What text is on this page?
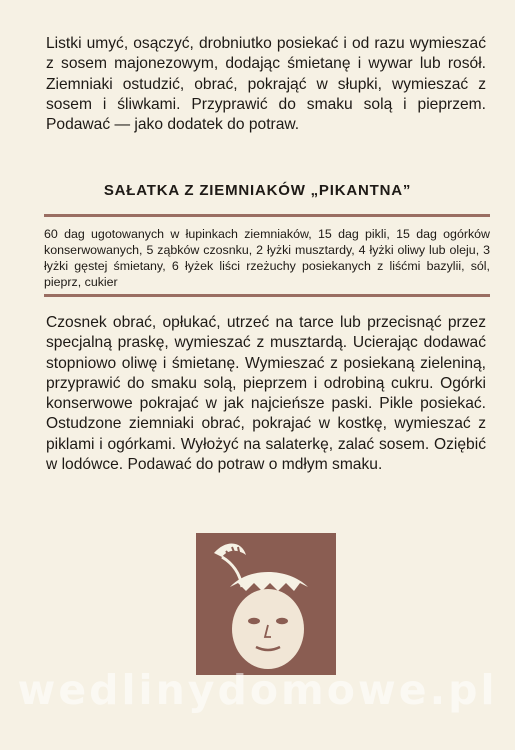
Listki umyć, osączyć, drobniutko posiekać i od razu wymieszać z sosem majonezowym, dodając śmietanę i wywar lub rosół. Ziemniaki ostudzić, obrać, pokrająć w słupki, wymieszać z sosem i śliwkami. Przyprawić do smaku solą i pieprzem. Podawać — jako dodatek do potraw.

SAŁATKA Z ZIEMNIAKÓW „PIKANTNA”

60 dag ugotowanych w łupinkach ziemniaków, 15 dag pikli, 15 dag ogórków konserwowanych, 5 ząbków czosnku, 2 łyżki musztardy, 4 łyżki oliwy lub oleju, 3 łyżki gęstej śmietany, 6 łyżek liści rzeżuchy posiekanych z liśćmi bazylii, sól, pieprz, cukier

Czosnek obrać, opłukać, utrzeć na tarce lub przecisnąć przez specjalną praskę, wymieszać z musztardą. Ucierając dodawać stopniowo oliwę i śmietanę. Wymieszać z posiekaną zieleniną, przyprawić do smaku solą, pieprzem i odrobiną cukru. Ogórki konserwowe pokrajać w jak najcieńsze paski. Pikle posiekać. Ostudzone ziemniaki obrać, pokrajać w kostkę, wymieszać z piklami i ogórkami. Wyłożyć na salaterkę, zalać sosem. Oziębić w lodówce. Podawać do potraw o mdłym smaku.

wedlinydomowe.pl
